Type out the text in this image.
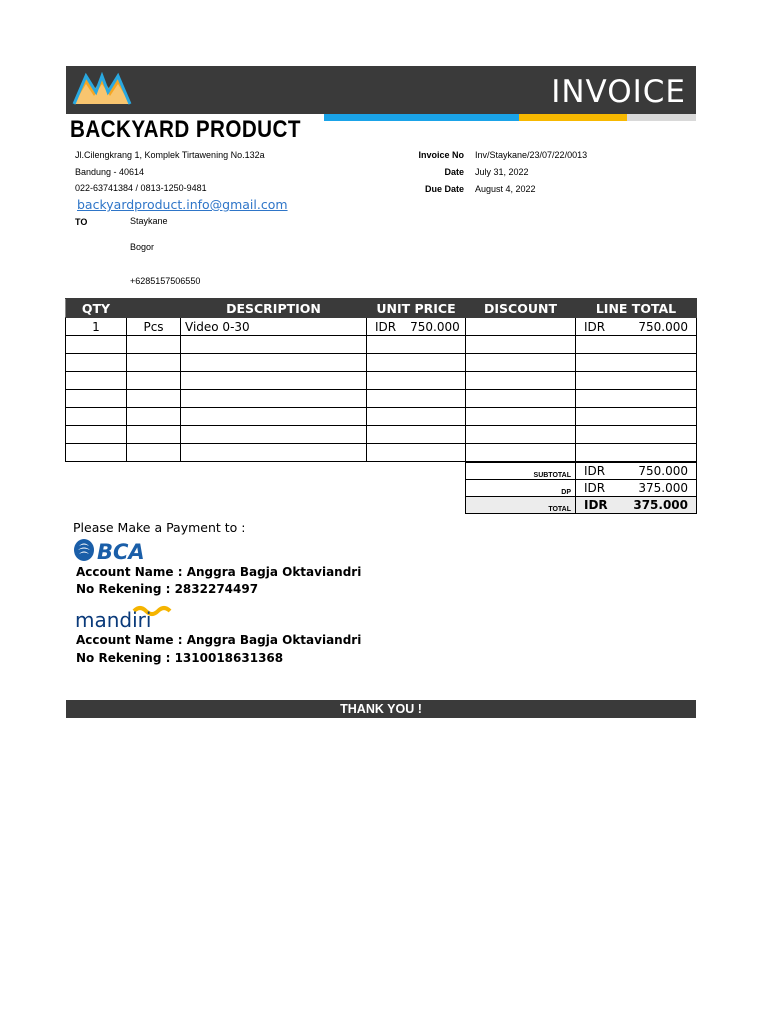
INVOICE
BACKYARD PRODUCT
Jl.Cilengkrang 1, Komplek Tirtawening No.132a
Bandung - 40614
022-63741384 / 0813-1250-9481
backyardproduct.info@gmail.com
Invoice No Inv/Staykane/23/07/22/0013
Date July 31, 2022
Due Date August 4, 2022
TO	Staykane
Bogor
+6285157506550
QTY		DESCRIPTION	UNIT PRICE	DISCOUNT	LINE TOTAL
1	Pcs	Video 0-30	IDR 750.000		IDR 750.000

SUBTOTAL	IDR 750.000

DP	IDR 375.000

TOTAL	IDR 375.000
Please Make a Payment to :
BCA
Account Name : Anggra Bagja Oktaviandri
No Rekening : 2832274497
mandiri
Account Name : Anggra Bagja Oktaviandri
No Rekening : 1310018631368
THANK YOU !
